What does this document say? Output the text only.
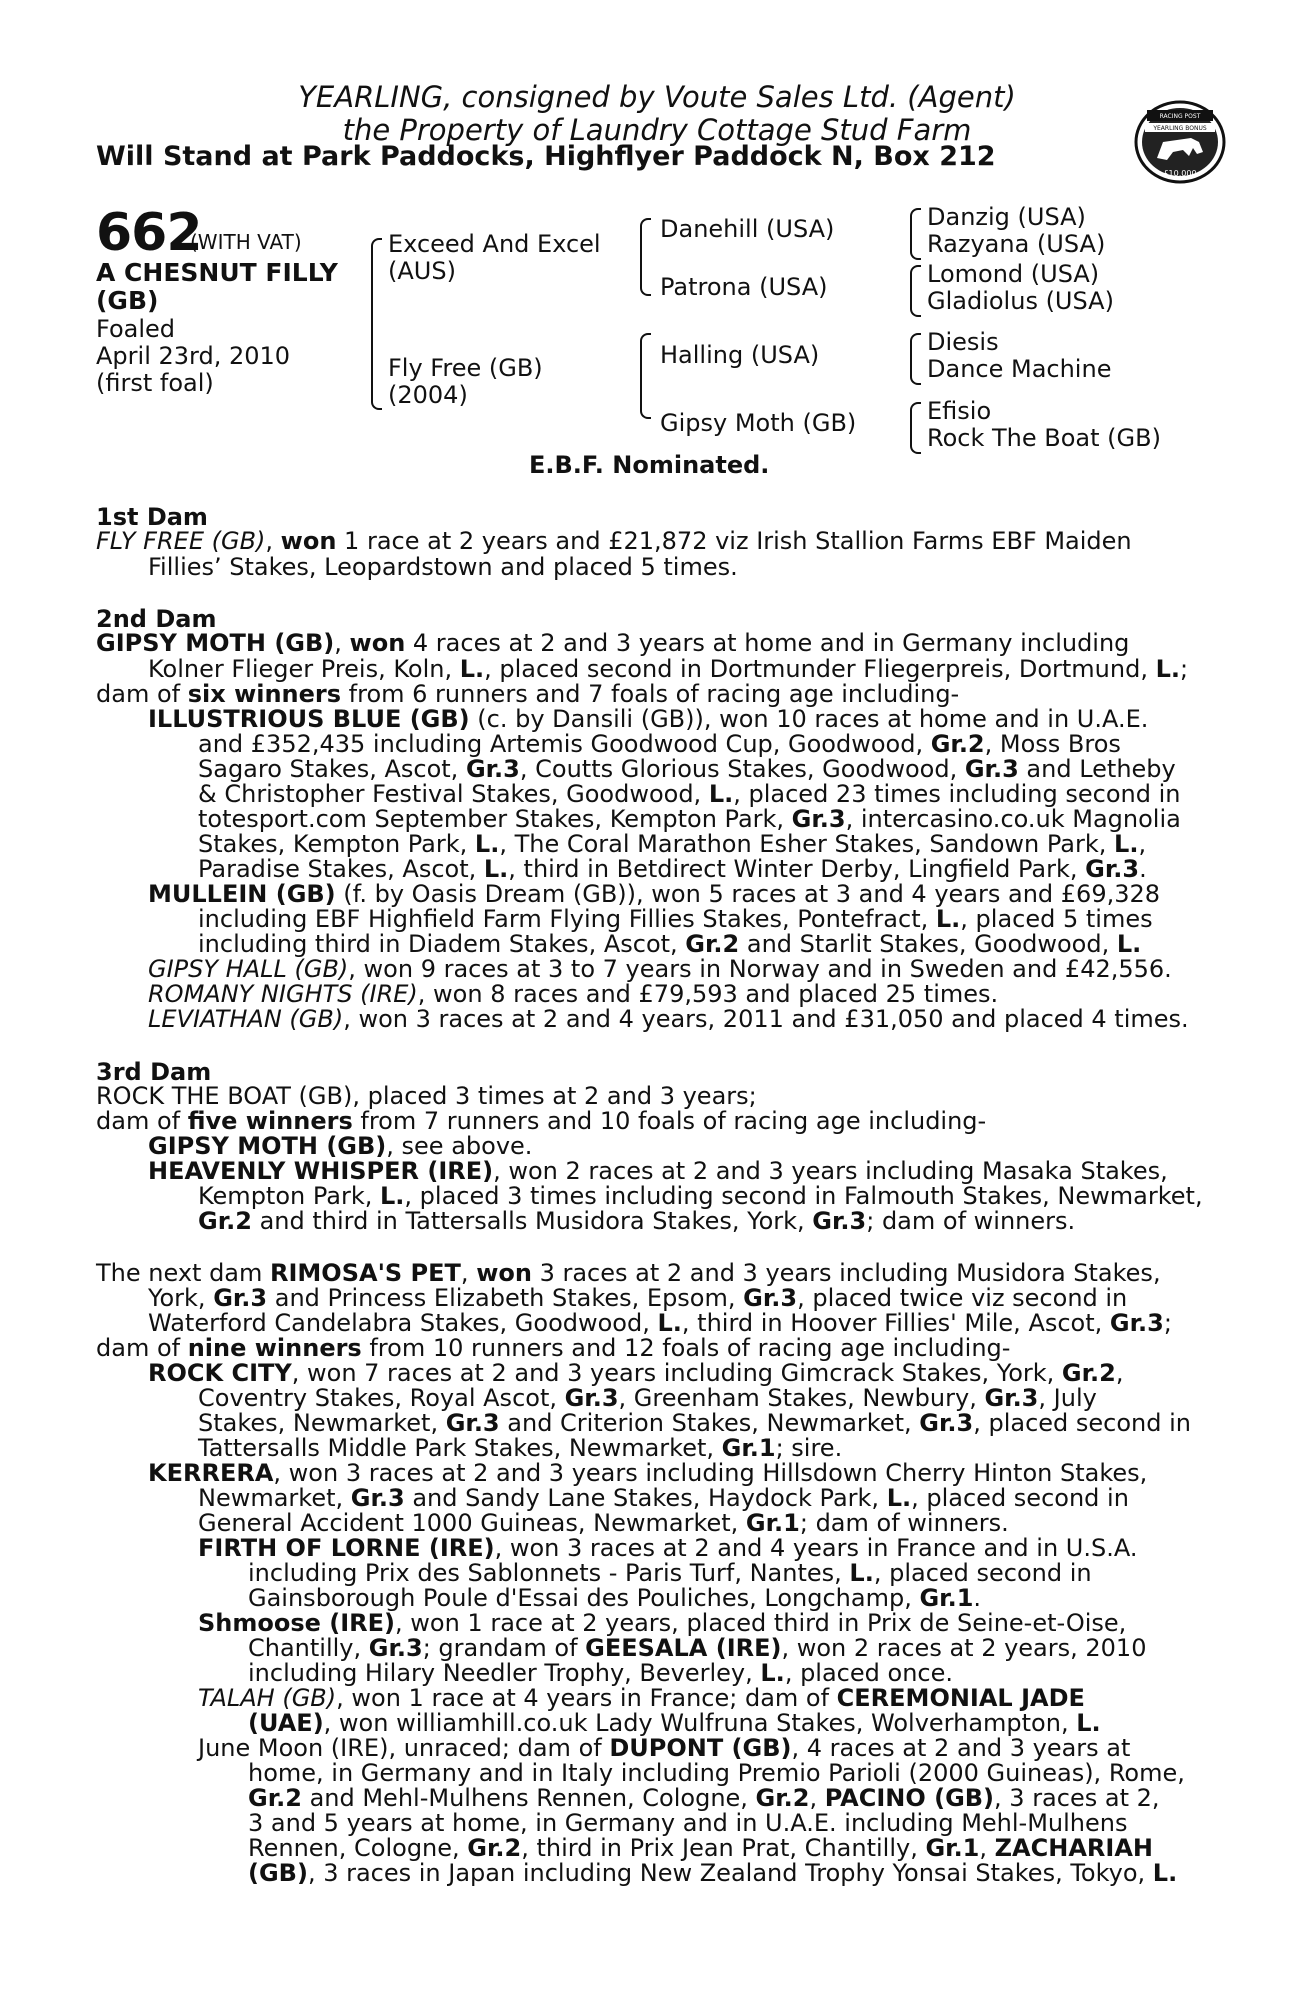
YEARLING, consigned by Voute Sales Ltd. (Agent)
the Property of Laundry Cottage Stud Farm
Will Stand at Park Paddocks, Highflyer Paddock N, Box 212
RACING POST
YEARLING BONUS
£10,000
662
(WITH VAT)
A CHESNUT FILLY
(GB)
Foaled
April 23rd, 2010
(first foal)
Exceed And Excel
(AUS)
Fly Free (GB)
(2004)
Danehill (USA)
Patrona (USA)
Halling (USA)
Gipsy Moth (GB)
Danzig (USA)
Razyana (USA)
Lomond (USA)
Gladiolus (USA)
Diesis
Dance Machine
Efisio
Rock The Boat (GB)
E.B.F. Nominated.
1st Dam
FLY FREE (GB), won 1 race at 2 years and £21,872 viz Irish Stallion Farms EBF Maiden
Fillies’ Stakes, Leopardstown and placed 5 times.
2nd Dam
GIPSY MOTH (GB), won 4 races at 2 and 3 years at home and in Germany including
Kolner Flieger Preis, Koln, L., placed second in Dortmunder Fliegerpreis, Dortmund, L.;
dam of six winners from 6 runners and 7 foals of racing age including-
ILLUSTRIOUS BLUE (GB) (c. by Dansili (GB)), won 10 races at home and in U.A.E.
and £352,435 including Artemis Goodwood Cup, Goodwood, Gr.2, Moss Bros
Sagaro Stakes, Ascot, Gr.3, Coutts Glorious Stakes, Goodwood, Gr.3 and Letheby
& Christopher Festival Stakes, Goodwood, L., placed 23 times including second in
totesport.com September Stakes, Kempton Park, Gr.3, intercasino.co.uk Magnolia
Stakes, Kempton Park, L., The Coral Marathon Esher Stakes, Sandown Park, L.,
Paradise Stakes, Ascot, L., third in Betdirect Winter Derby, Lingfield Park, Gr.3.
MULLEIN (GB) (f. by Oasis Dream (GB)), won 5 races at 3 and 4 years and £69,328
including EBF Highfield Farm Flying Fillies Stakes, Pontefract, L., placed 5 times
including third in Diadem Stakes, Ascot, Gr.2 and Starlit Stakes, Goodwood, L.
GIPSY HALL (GB), won 9 races at 3 to 7 years in Norway and in Sweden and £42,556.
ROMANY NIGHTS (IRE), won 8 races and £79,593 and placed 25 times.
LEVIATHAN (GB), won 3 races at 2 and 4 years, 2011 and £31,050 and placed 4 times.
3rd Dam
ROCK THE BOAT (GB), placed 3 times at 2 and 3 years;
dam of five winners from 7 runners and 10 foals of racing age including-
GIPSY MOTH (GB), see above.
HEAVENLY WHISPER (IRE), won 2 races at 2 and 3 years including Masaka Stakes,
Kempton Park, L., placed 3 times including second in Falmouth Stakes, Newmarket,
Gr.2 and third in Tattersalls Musidora Stakes, York, Gr.3; dam of winners.
The next dam RIMOSA'S PET, won 3 races at 2 and 3 years including Musidora Stakes,
York, Gr.3 and Princess Elizabeth Stakes, Epsom, Gr.3, placed twice viz second in
Waterford Candelabra Stakes, Goodwood, L., third in Hoover Fillies' Mile, Ascot, Gr.3;
dam of nine winners from 10 runners and 12 foals of racing age including-
ROCK CITY, won 7 races at 2 and 3 years including Gimcrack Stakes, York, Gr.2,
Coventry Stakes, Royal Ascot, Gr.3, Greenham Stakes, Newbury, Gr.3, July
Stakes, Newmarket, Gr.3 and Criterion Stakes, Newmarket, Gr.3, placed second in
Tattersalls Middle Park Stakes, Newmarket, Gr.1; sire.
KERRERA, won 3 races at 2 and 3 years including Hillsdown Cherry Hinton Stakes,
Newmarket, Gr.3 and Sandy Lane Stakes, Haydock Park, L., placed second in
General Accident 1000 Guineas, Newmarket, Gr.1; dam of winners.
FIRTH OF LORNE (IRE), won 3 races at 2 and 4 years in France and in U.S.A.
including Prix des Sablonnets - Paris Turf, Nantes, L., placed second in
Gainsborough Poule d'Essai des Pouliches, Longchamp, Gr.1.
Shmoose (IRE), won 1 race at 2 years, placed third in Prix de Seine-et-Oise,
Chantilly, Gr.3; grandam of GEESALA (IRE), won 2 races at 2 years, 2010
including Hilary Needler Trophy, Beverley, L., placed once.
TALAH (GB), won 1 race at 4 years in France; dam of CEREMONIAL JADE
(UAE), won williamhill.co.uk Lady Wulfruna Stakes, Wolverhampton, L.
June Moon (IRE), unraced; dam of DUPONT (GB), 4 races at 2 and 3 years at
home, in Germany and in Italy including Premio Parioli (2000 Guineas), Rome,
Gr.2 and Mehl-Mulhens Rennen, Cologne, Gr.2, PACINO (GB), 3 races at 2,
3 and 5 years at home, in Germany and in U.A.E. including Mehl-Mulhens
Rennen, Cologne, Gr.2, third in Prix Jean Prat, Chantilly, Gr.1, ZACHARIAH
(GB), 3 races in Japan including New Zealand Trophy Yonsai Stakes, Tokyo, L.
